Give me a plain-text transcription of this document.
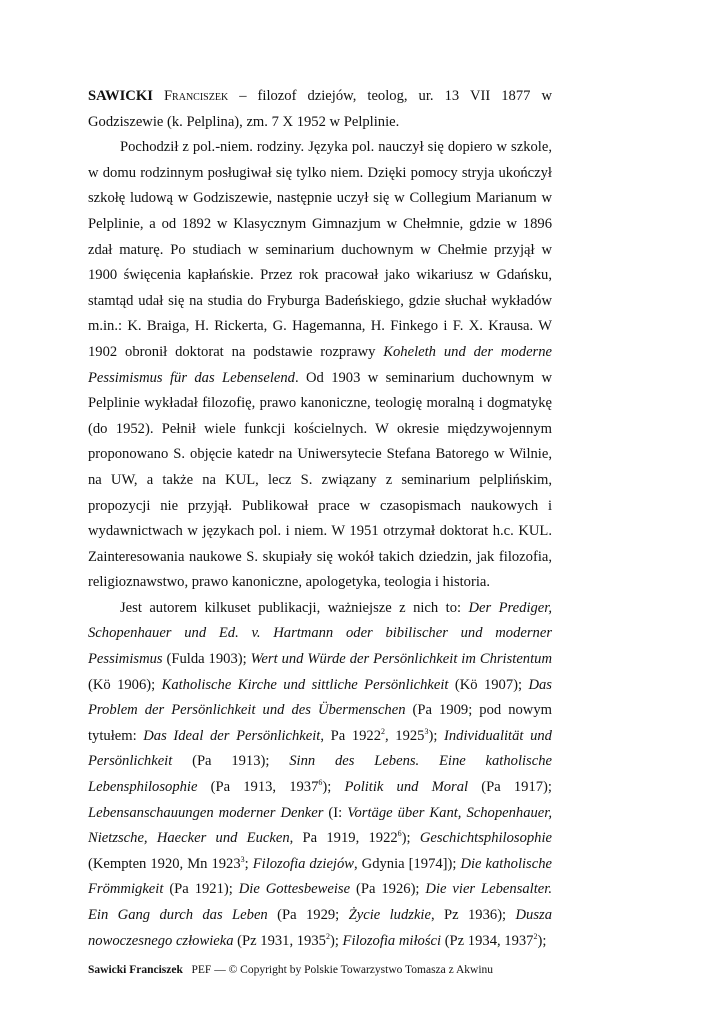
SAWICKI Franciszek – filozof dziejów, teolog, ur. 13 VII 1877 w Godziszewie (k. Pelplina), zm. 7 X 1952 w Pelplinie.

Pochodził z pol.-niem. rodziny. Języka pol. nauczył się dopiero w szkole, w domu rodzinnym posługiwał się tylko niem. Dzięki pomocy stryja ukończył szkołę ludową w Godziszewie, następnie uczył się w Collegium Marianum w Pelplinie, a od 1892 w Klasycznym Gimnazjum w Chełmnie, gdzie w 1896 zdał maturę. Po studiach w seminarium duchownym w Chełmie przyjął w 1900 święcenia kapłańskie. Przez rok pracował jako wikariusz w Gdańsku, stamtąd udał się na studia do Fryburga Badeńskiego, gdzie słuchał wykładów m.in.: K. Braiga, H. Rickerta, G. Hagemanna, H. Finkego i F. X. Krausa. W 1902 obronił doktorat na podstawie rozprawy Koheleth und der moderne Pessimismus für das Lebenselend. Od 1903 w seminarium duchownym w Pelplinie wykładał filozofię, prawo kanoniczne, teologię moralną i dogmatykę (do 1952). Pełnił wiele funkcji kościelnych. W okresie międzywojennym proponowano S. objęcie katedr na Uniwersytecie Stefana Batorego w Wilnie, na UW, a także na KUL, lecz S. związany z seminarium pelplińskim, propozycji nie przyjął. Publikował prace w czasopismach naukowych i wydawnictwach w językach pol. i niem. W 1951 otrzymał doktorat h.c. KUL. Zainteresowania naukowe S. skupiały się wokół takich dziedzin, jak filozofia, religioznawstwo, prawo kanoniczne, apologetyka, teologia i historia.

Jest autorem kilkuset publikacji, ważniejsze z nich to: Der Prediger, Schopenhauer und Ed. v. Hartmann oder bibilischer und moderner Pessimismus (Fulda 1903); Wert und Würde der Persönlichkeit im Christentum (Kö 1906); Katholische Kirche und sittliche Persönlichkeit (Kö 1907); Das Problem der Persönlichkeit und des Übermenschen (Pa 1909; pod nowym tytułem: Das Ideal der Persönlichkeit, Pa 1922$^2$, 1925$^3$); Individualität und Persönlichkeit (Pa 1913); Sinn des Lebens. Eine katholische Lebensphilosophie (Pa 1913, 1937$^6$); Politik und Moral (Pa 1917); Lebensanschauungen moderner Denker (I: Vortäge über Kant, Schopenhauer, Nietzsche, Haecker und Eucken, Pa 1919, 1922$^6$); Geschichtsphilosophie (Kempten 1920, Mn 1923$^3$; Filozofia dziejów, Gdynia [1974]); Die katholische Frömmigkeit (Pa 1921); Die Gottesbeweise (Pa 1926); Die vier Lebensalter. Ein Gang durch das Leben (Pa 1929; Życie ludzkie, Pz 1936); Dusza nowoczesnego człowieka (Pz 1931, 1935$^2$); Filozofia miłości (Pz 1934, 1937$^2$);

Sawicki Franciszek PEF — © Copyright by Polskie Towarzystwo Tomasza z Akwinu
